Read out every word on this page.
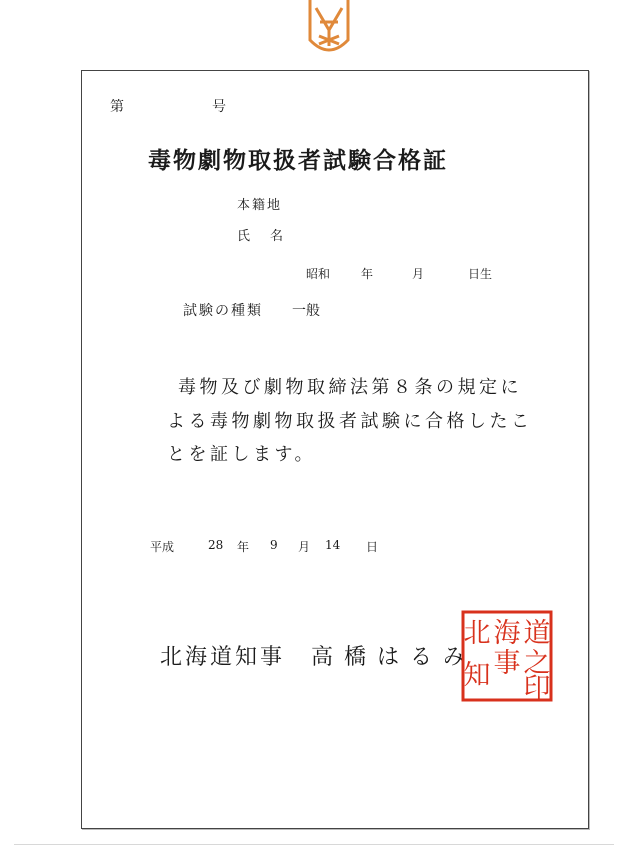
第	号
毒物劇物取扱者試験合格証
本籍地
氏名
昭和	年	月	日生
試験の種類 一般
毒物及び劇物取締法第８条の規定に
よる毒物劇物取扱者試験に合格したこ
とを証します。
平成	28 年 9 月 14 日
北海道知事 高橋はるみ
道
之
印
海
事
北
知
